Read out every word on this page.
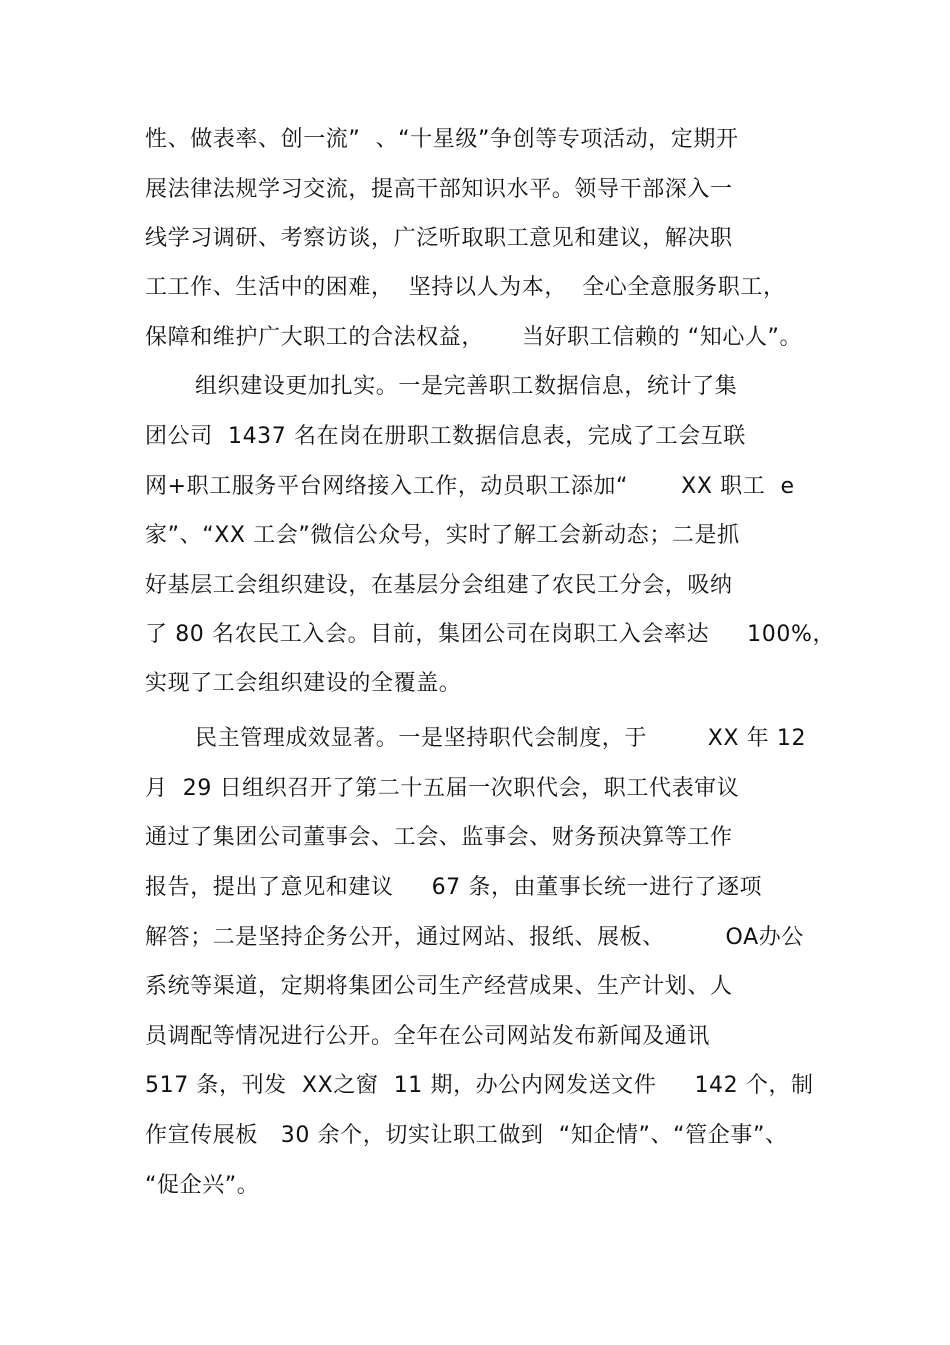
性、做表率、创一流”  、“十星级”争创等专项活动，定期开
展法律法规学习交流，提高干部知识水平。领导干部深入一
线学习调研、考察访谈，广泛听取职工意见和建议，解决职
工工作、生活中的困难，  坚持以人为本，  全心全意服务职工，
保障和维护广大职工的合法权益，     当好职工信赖的 “知心人”。
组织建设更加扎实。一是完善职工数据信息，统计了集
团公司  1437 名在岗在册职工数据信息表，完成了工会互联
网+职工服务平台网络接入工作，动员职工添加“       XX 职工  e
家”、“XX 工会”微信公众号，实时了解工会新动态；二是抓
好基层工会组织建设，在基层分会组建了农民工分会，吸纳
了 80 名农民工入会。目前，集团公司在岗职工入会率达     100%，
实现了工会组织建设的全覆盖。
民主管理成效显著。一是坚持职代会制度，于        XX 年 12
月  29 日组织召开了第二十五届一次职代会，职工代表审议
通过了集团公司董事会、工会、监事会、财务预决算等工作
报告，提出了意见和建议     67 条，由董事长统一进行了逐项
解答；二是坚持企务公开，通过网站、报纸、展板、        OA办公
系统等渠道，定期将集团公司生产经营成果、生产计划、人
员调配等情况进行公开。全年在公司网站发布新闻及通讯
517 条，刊发  XX之窗  11 期，办公内网发送文件     142 个，制
作宣传展板   30 余个，切实让职工做到  “知企情”、“管企事”、
“促企兴”。
